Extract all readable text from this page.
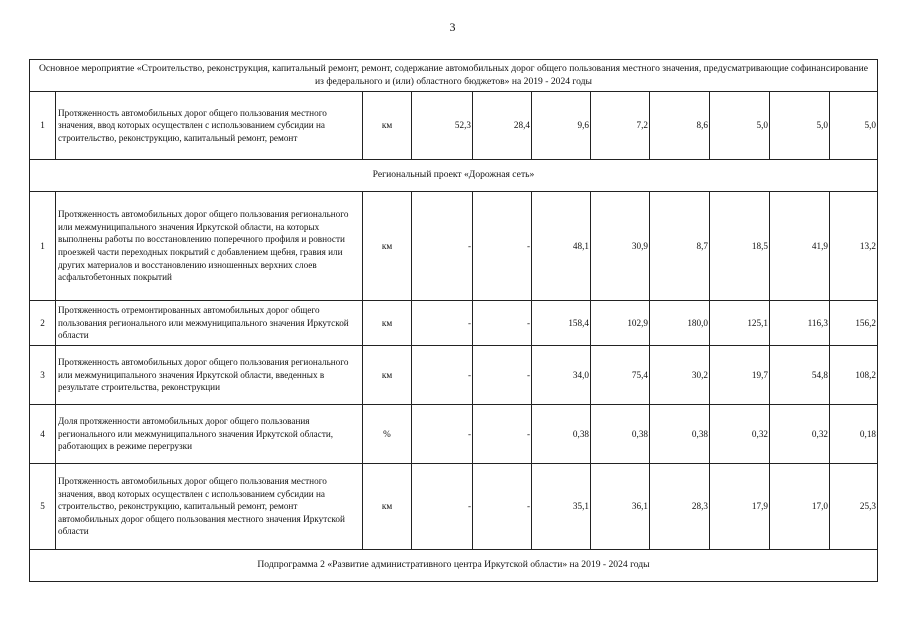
3
Основное мероприятие «Строительство, реконструкция, капитальный ремонт, ремонт, содержание автомобильных дорог общего пользования местного значения, предусматривающие софинансирование из федерального и (или) областного бюджетов» на 2019 - 2024 годы										
1	Протяженность автомобильных дорог общего пользования местного значения, ввод которых осуществлен с использованием субсидии на строительство, реконструкцию, капитальный ремонт, ремонт	км	52,3	28,4	9,6	7,2	8,6	5,0	5,0	5,0
Региональный проект «Дорожная сеть»										
1	Протяженность автомобильных дорог общего пользования регионального или межмуниципального значения Иркутской области, на которых выполнены работы по восстановлению поперечного профиля и ровности проезжей части переходных покрытий с добавлением щебня, гравия или других материалов и восстановлению изношенных верхних слоев асфальтобетонных покрытий	км	-	-	48,1	30,9	8,7	18,5	41,9	13,2
2	Протяженность отремонтированных автомобильных дорог общего пользования регионального или межмуниципального значения Иркутской области	км	-	-	158,4	102,9	180,0	125,1	116,3	156,2
3	Протяженность автомобильных дорог общего пользования регионального или межмуниципального значения Иркутской области, введенных в результате строительства, реконструкции	км	-	-	34,0	75,4	30,2	19,7	54,8	108,2
4	Доля протяженности автомобильных дорог общего пользования регионального или межмуниципального значения Иркутской области, работающих в режиме перегрузки	%	-	-	0,38	0,38	0,38	0,32	0,32	0,18
5	Протяженность автомобильных дорог общего пользования местного значения, ввод которых осуществлен с использованием субсидии на строительство, реконструкцию, капитальный ремонт, ремонт автомобильных дорог общего пользования местного значения Иркутской области	км	-	-	35,1	36,1	28,3	17,9	17,0	25,3
Подпрограмма 2 «Развитие административного центра Иркутской области» на 2019 - 2024 годы										
